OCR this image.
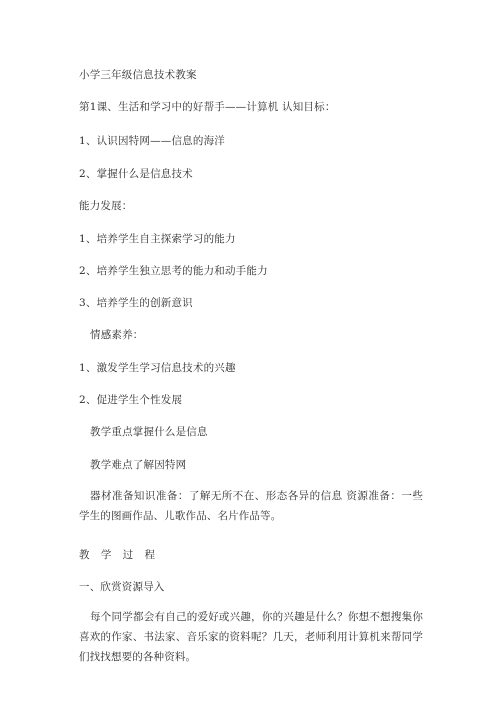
小学三年级信息技术教案
第1课、生活和学习中的好帮手——计算机 认知目标：
1、认识因特网——信息的海洋
2、掌握什么是信息技术
能力发展：
1、培养学生自主探索学习的能力
2、培养学生独立思考的能力和动手能力
3、培养学生的创新意识
情感素养：
1、激发学生学习信息技术的兴趣
2、促进学生个性发展
教学重点掌握什么是信息
教学难点了解因特网
器材准备知识准备：了解无所不在、形态各异的信息 资源准备：一些学生的图画作品、儿歌作品、名片作品等。
教 学 过 程
一、欣赏资源导入
每个同学都会有自己的爱好或兴趣，你的兴趣是什么？你想不想搜集你喜欢的作家、书法家、音乐家的资料呢？几天，老师利用计算机来帮同学们找找想要的各种资料。
